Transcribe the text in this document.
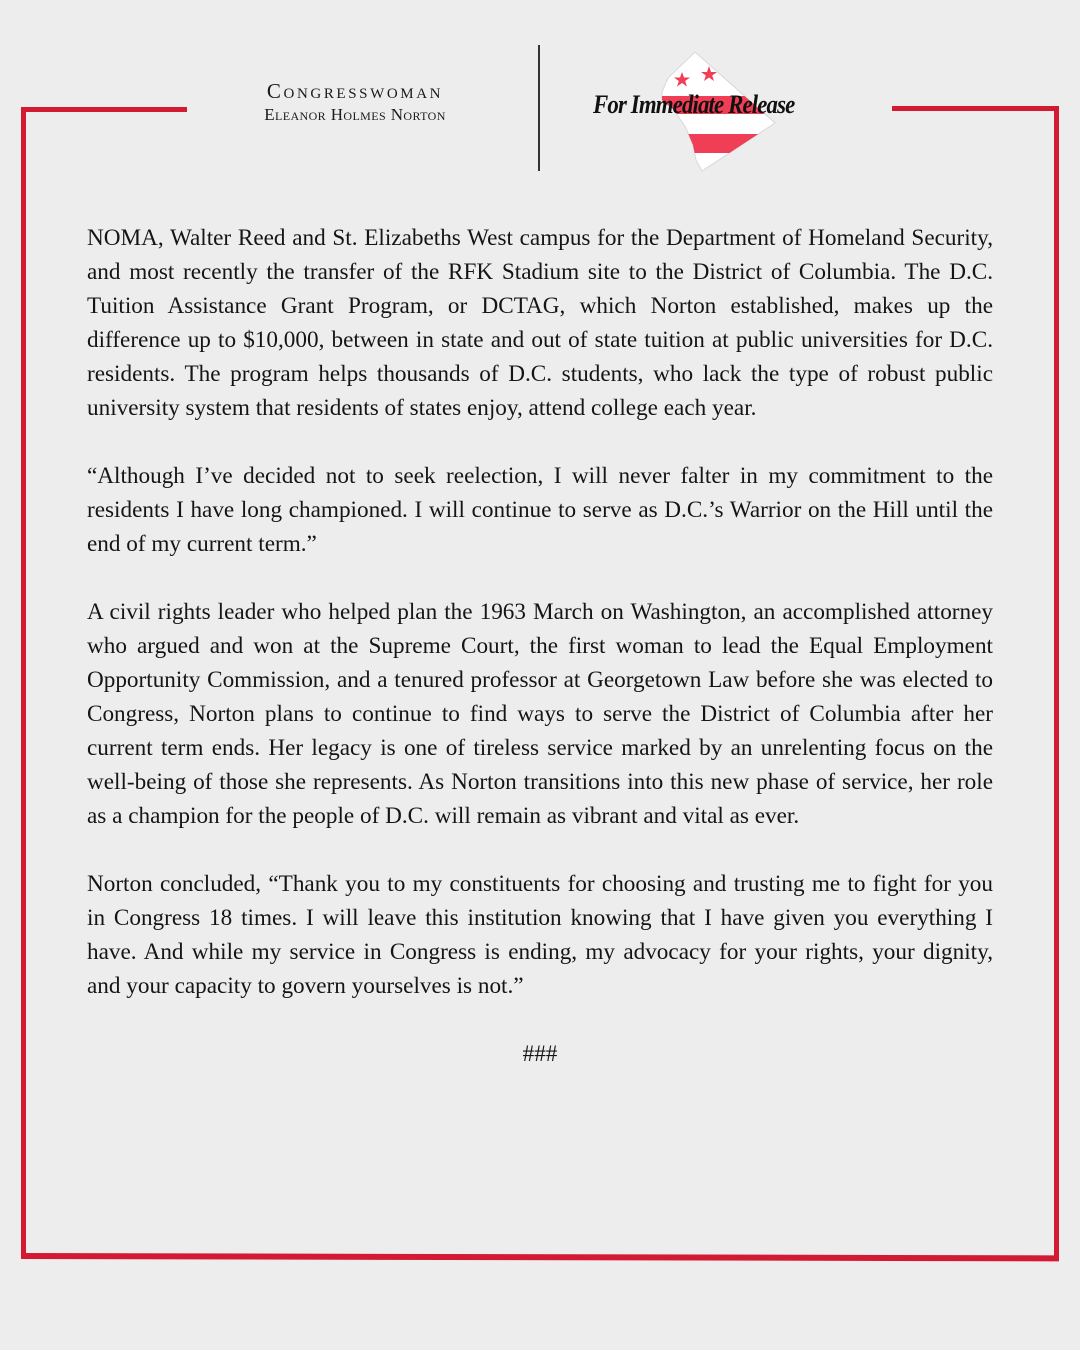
Congresswoman
Eleanor Holmes Norton	For Immediate Release

NOMA, Walter Reed and St. Elizabeths West campus for the Department of Homeland Security, and most recently the transfer of the RFK Stadium site to the District of Columbia. The D.C. Tuition Assistance Grant Program, or DCTAG, which Norton established, makes up the difference up to $10,000, between in state and out of state tuition at public universities for D.C. residents. The program helps thousands of D.C. students, who lack the type of robust public university system that residents of states enjoy, attend college each year.

“Although I’ve decided not to seek reelection, I will never falter in my commitment to the residents I have long championed. I will continue to serve as D.C.’s Warrior on the Hill until the end of my current term.”

A civil rights leader who helped plan the 1963 March on Washington, an accomplished attorney who argued and won at the Supreme Court, the first woman to lead the Equal Employment Opportunity Commission, and a tenured professor at Georgetown Law before she was elected to Congress, Norton plans to continue to find ways to serve the District of Columbia after her current term ends. Her legacy is one of tireless service marked by an unrelenting focus on the well-being of those she represents. As Norton transitions into this new phase of service, her role as a champion for the people of D.C. will remain as vibrant and vital as ever.

Norton concluded, “Thank you to my constituents for choosing and trusting me to fight for you in Congress 18 times. I will leave this institution knowing that I have given you everything I have. And while my service in Congress is ending, my advocacy for your rights, your dignity, and your capacity to govern yourselves is not.”

###
